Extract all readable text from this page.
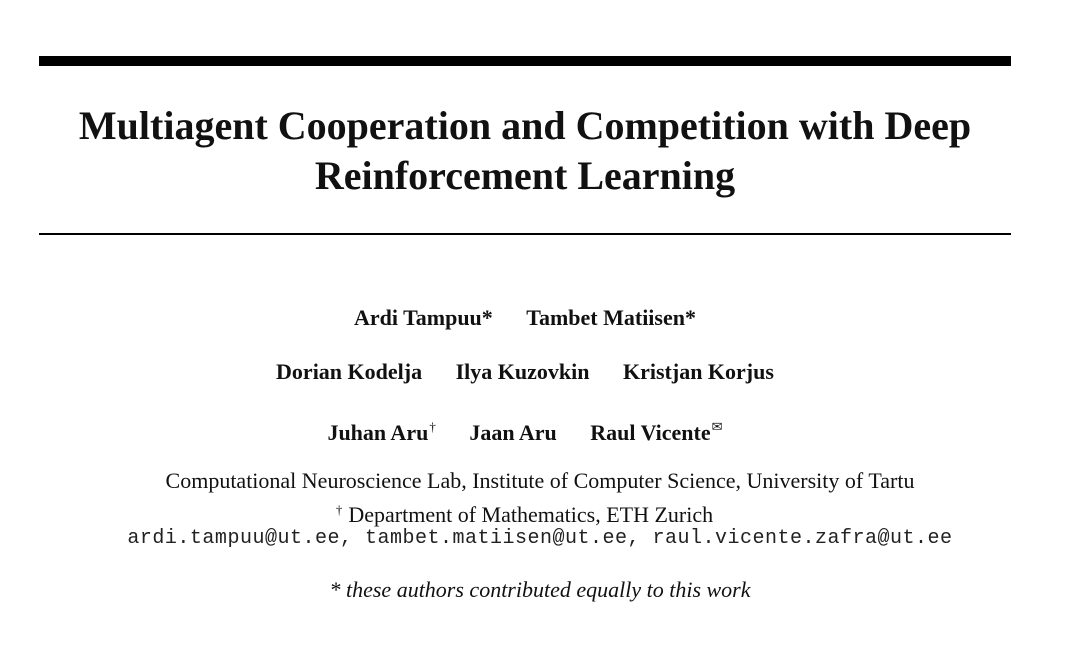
Multiagent Cooperation and Competition with Deep
Reinforcement Learning
Ardi Tampuu* Tambet Matiisen*
Dorian Kodelja Ilya Kuzovkin Kristjan Korjus
Juhan Aru† Jaan Aru Raul Vicente✉
Computational Neuroscience Lab, Institute of Computer Science, University of Tartu
† Department of Mathematics, ETH Zurich
ardi.tampuu@ut.ee, tambet.matiisen@ut.ee, raul.vicente.zafra@ut.ee
* these authors contributed equally to this work
